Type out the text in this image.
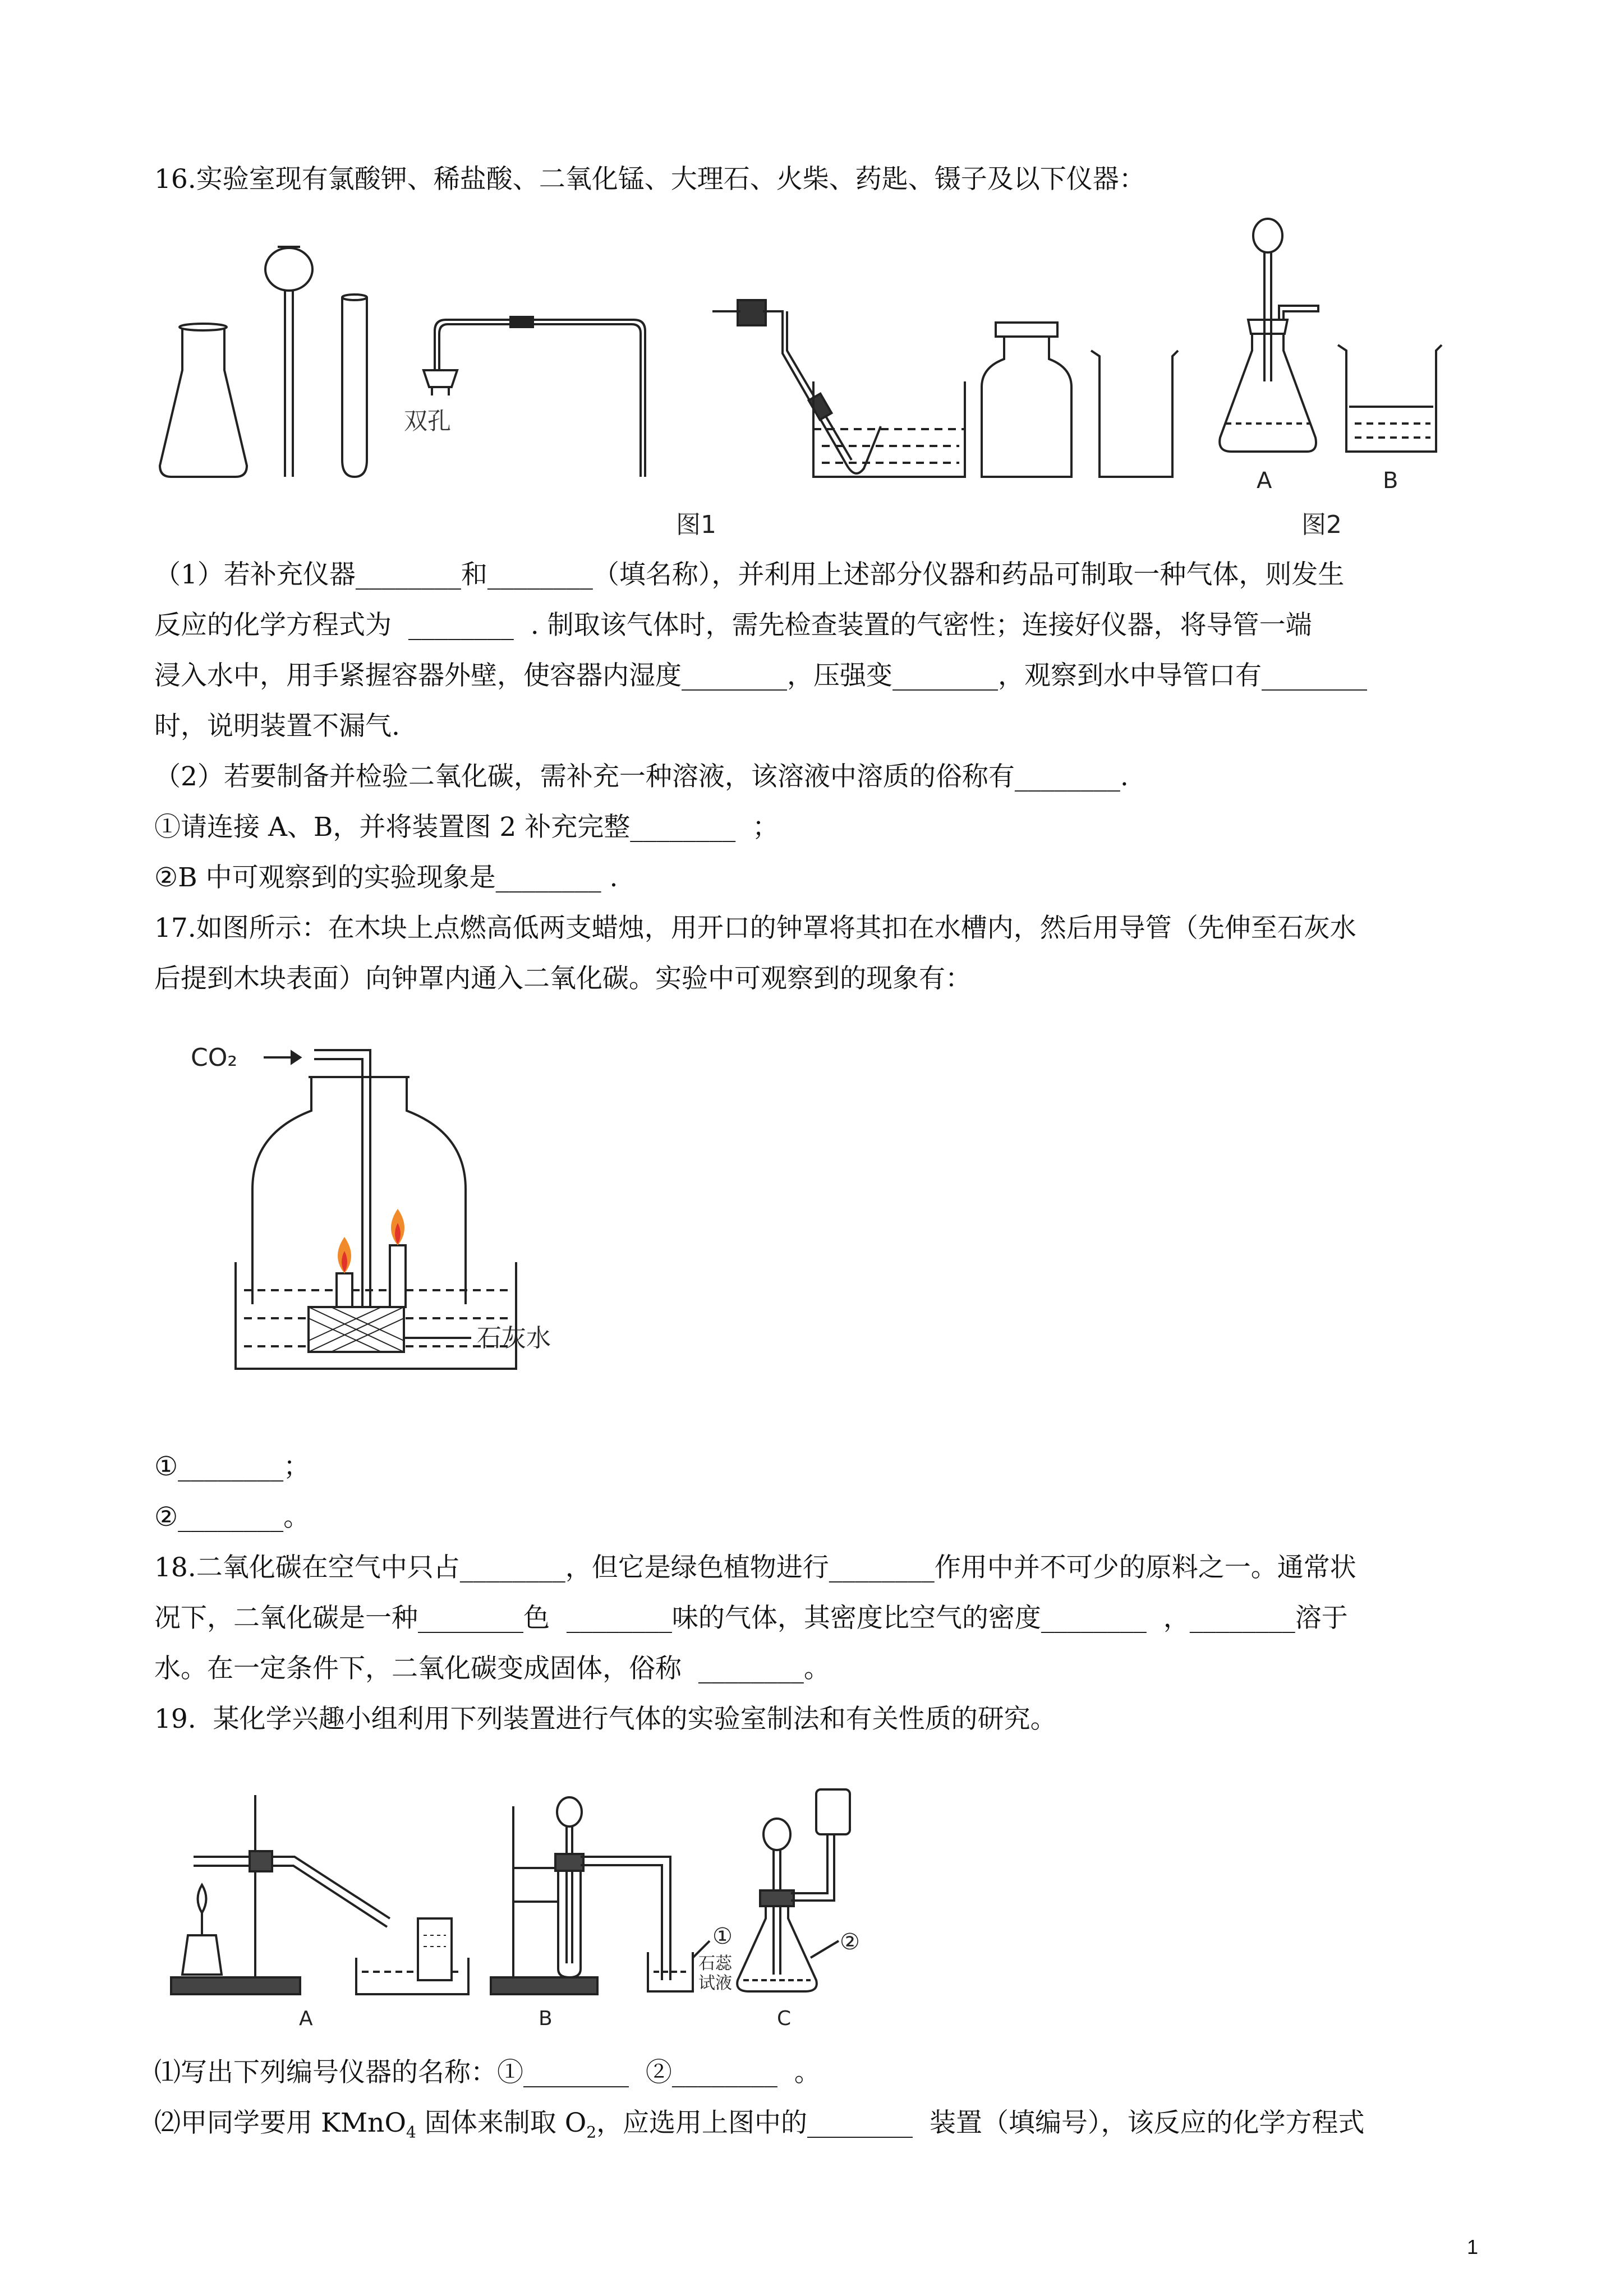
16.实验室现有氯酸钾、稀盐酸、二氧化锰、大理石、火柴、药匙、镊子及以下仪器：
双孔
A	B
图1	图2
（1）若补充仪器________和________（填名称），并利用上述部分仪器和药品可制取一种气体，则发生
反应的化学方程式为  ________  . 制取该气体时，需先检查装置的气密性；连接好仪器，将导管一端
浸入水中，用手紧握容器外壁，使容器内湿度________，压强变________，观察到水中导管口有________
时，说明装置不漏气.
（2）若要制备并检验二氧化碳，需补充一种溶液，该溶液中溶质的俗称有________.
①请连接 A、B，并将装置图 2 补充完整________  ；
②B 中可观察到的实验现象是________ .
17.如图所示：在木块上点燃高低两支蜡烛，用开口的钟罩将其扣在水槽内，然后用导管（先伸至石灰水
后提到木块表面）向钟罩内通入二氧化碳。实验中可观察到的现象有：
CO₂
石灰水
①________；
②________。
18.二氧化碳在空气中只占________，但它是绿色植物进行________作用中并不可少的原料之一。通常状
况下，二氧化碳是一种________色  ________味的气体，其密度比空气的密度________  ，________溶于
水。在一定条件下，二氧化碳变成固体，俗称  ________。
19.  某化学兴趣小组利用下列装置进行气体的实验室制法和有关性质的研究。
A	B	C
①	②
石蕊
试液
⑴写出下列编号仪器的名称：①________  ②________  。
⑵甲同学要用 KMnO$_4$ 固体来制取 $O_2$，应选用上图中的________  装置（填编号），该反应的化学方程式
1
